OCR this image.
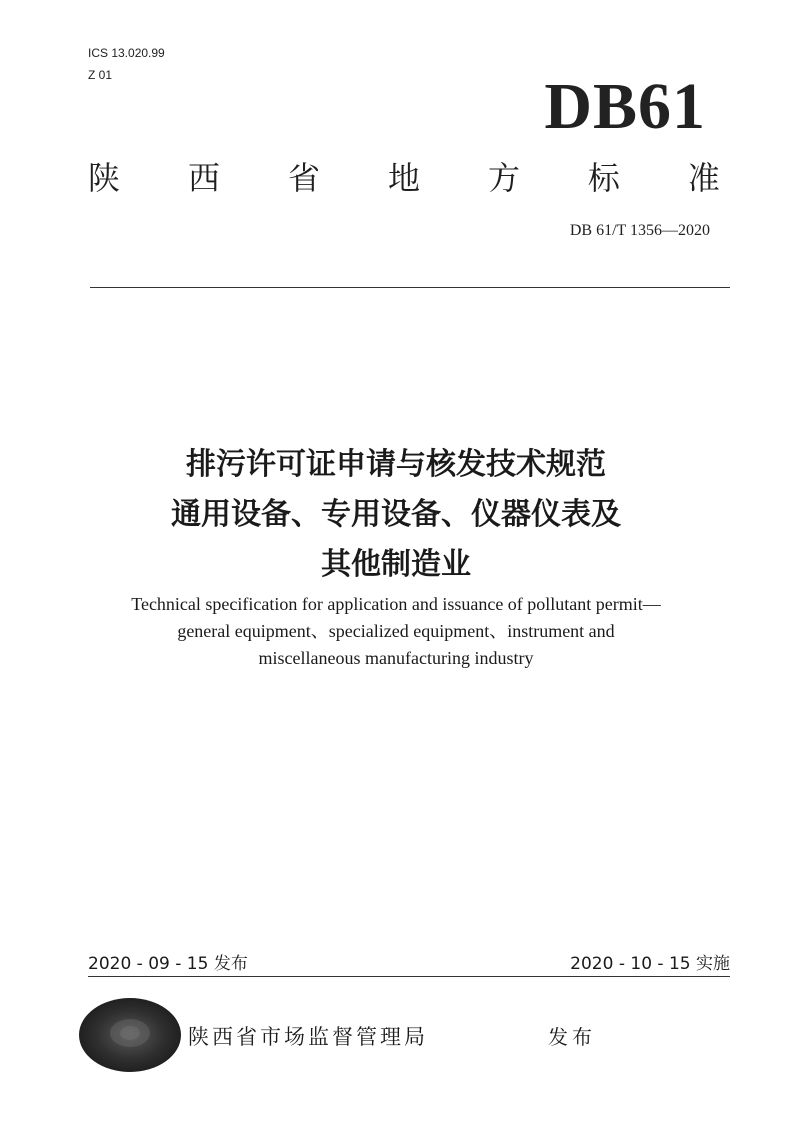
ICS 13.020.99
Z 01	DB61
陕 西 省 地 方 标 准
DB 61/T 1356—2020
排污许可证申请与核发技术规范
通用设备、专用设备、仪器仪表及
其他制造业
Technical specification for application and issuance of pollutant permit—
general equipment、specialized equipment、instrument and
miscellaneous manufacturing industry
2020 - 09 - 15 发布	2020 - 10 - 15 实施
陕西省市场监督管理局	发布
